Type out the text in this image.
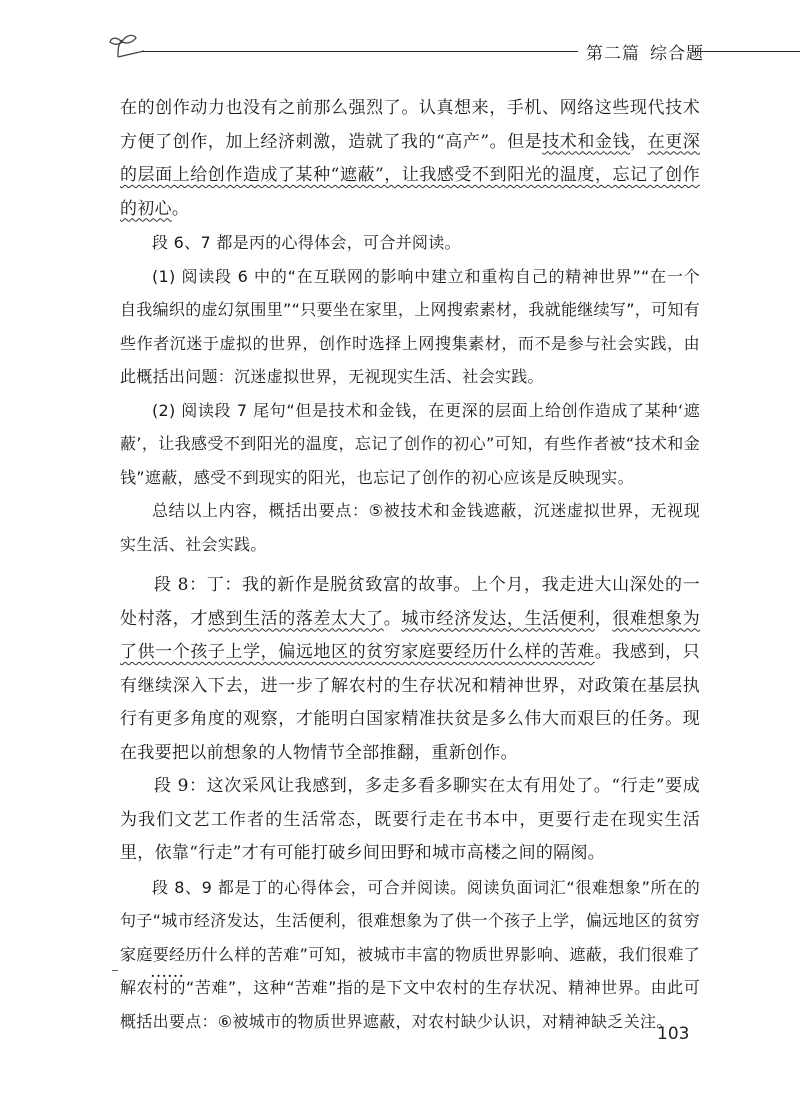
第二篇 综合题

在的创作动力也没有之前那么强烈了。认真想来，手机、网络这些现代技术方便了创作，加上经济刺激，造就了我的“高产”。但是技术和金钱，在更深的层面上给创作造成了某种“遮蔽”，让我感受不到阳光的温度，忘记了创作的初心。

段 6、7 都是丙的心得体会，可合并阅读。

(1) 阅读段 6 中的“在互联网的影响中建立和重构自己的精神世界”“在一个自我编织的虚幻氛围里”“只要坐在家里，上网搜索素材，我就能继续写”，可知有些作者沉迷于虚拟的世界，创作时选择上网搜集素材，而不是参与社会实践，由此概括出问题：沉迷虚拟世界，无视现实生活、社会实践。

(2) 阅读段 7 尾句“但是技术和金钱，在更深的层面上给创作造成了某种‘遮蔽’，让我感受不到阳光的温度，忘记了创作的初心”可知，有些作者被“技术和金钱”遮蔽，感受不到现实的阳光，也忘记了创作的初心应该是反映现实。

总结以上内容，概括出要点：⑤被技术和金钱遮蔽，沉迷虚拟世界，无视现实生活、社会实践。

段 8：丁：我的新作是脱贫致富的故事。上个月，我走进大山深处的一处村落，才感到生活的落差太大了。城市经济发达，生活便利，很难想象为了供一个孩子上学，偏远地区的贫穷家庭要经历什么样的苦难。我感到，只有继续深入下去，进一步了解农村的生存状况和精神世界，对政策在基层执行有更多角度的观察，才能明白国家精准扶贫是多么伟大而艰巨的任务。现在我要把以前想象的人物情节全部推翻，重新创作。

段 9：这次采风让我感到，多走多看多聊实在太有用处了。“行走”要成为我们文艺工作者的生活常态，既要行走在书本中，更要行走在现实生活里，依靠“行走”才有可能打破乡间田野和城市高楼之间的隔阂。

段 8、9 都是丁的心得体会，可合并阅读。阅读负面词汇“很难想象”所在的句子“城市经济发达，生活便利，很难想象为了供一个孩子上学，偏远地区的贫穷家庭要经历什么样的苦难”可知，被城市丰富的物质世界影响、遮蔽，我们很难了解农村的“苦难”，这种“苦难”指的是下文中农村的生存状况、精神世界。由此可概括出要点：⑥被城市的物质世界遮蔽，对农村缺少认识，对精神缺乏关注。

……
103
